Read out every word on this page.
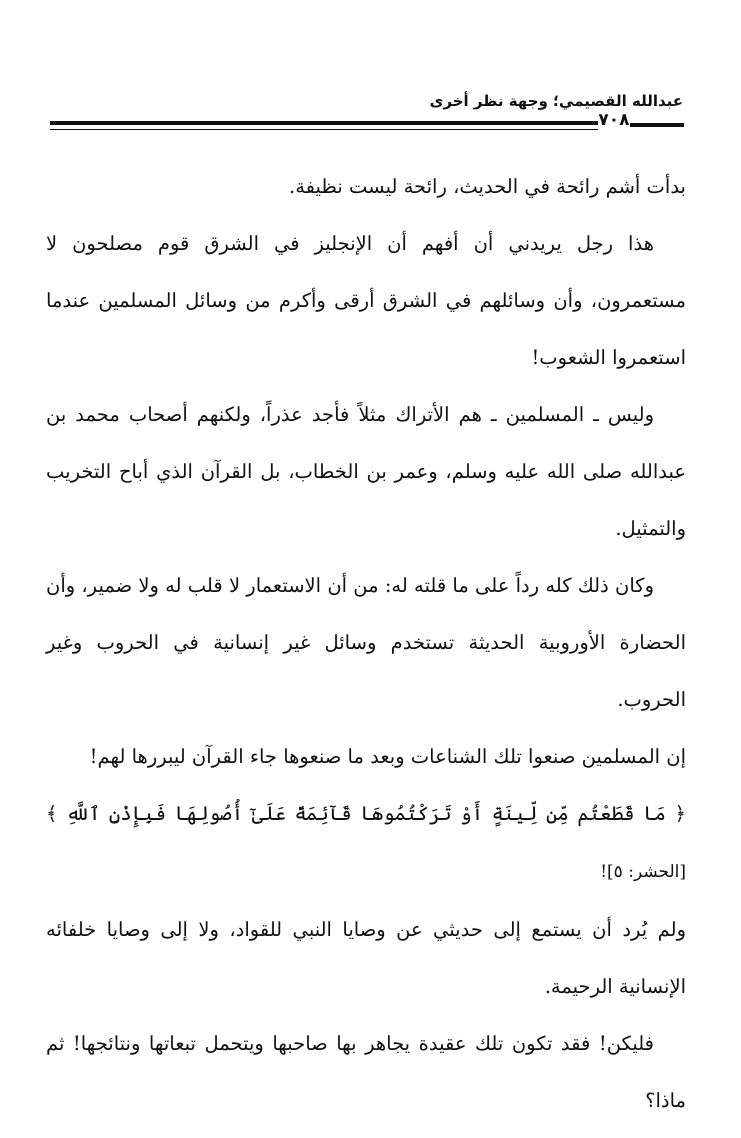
عبدالله القصيمي؛ وجهة نظر أخرى
٧٠٨

بدأت أشم رائحة في الحديث، رائحة ليست نظيفة.

هذا رجل يريدني أن أفهم أن الإنجليز في الشرق قوم مصلحون لا مستعمرون، وأن وسائلهم في الشرق أرقى وأكرم من وسائل المسلمين عندما استعمروا الشعوب!

وليس ـ المسلمين ـ هم الأتراك مثلاً فأجد عذراً، ولكنهم أصحاب محمد بن عبدالله صلى الله عليه وسلم، وعمر بن الخطاب، بل القرآن الذي أباح التخريب والتمثيل.

وكان ذلك كله رداً على ما قلته له: من أن الاستعمار لا قلب له ولا ضمير، وأن الحضارة الأوروبية الحديثة تستخدم وسائل غير إنسانية في الحروب وغير الحروب.

إن المسلمين صنعوا تلك الشناعات وبعد ما صنعوها جاء القرآن ليبررها لهم!

﴿ مَا قَطَعْتُم مِّن لِّينَةٍ أَوْ تَرَكْتُمُوهَا قَآئِمَةً عَلَىٰٓ أُصُولِهَا فَبِإِذْنِ ٱللَّهِ ﴾ [الحشر: ٥]!

ولم يُرد أن يستمع إلى حديثي عن وصايا النبي للقواد، ولا إلى وصايا خلفائه الإنسانية الرحيمة.

فليكن! فقد تكون تلك عقيدة يجاهر بها صاحبها ويتحمل تبعاتها ونتائجها! ثم ماذا؟
